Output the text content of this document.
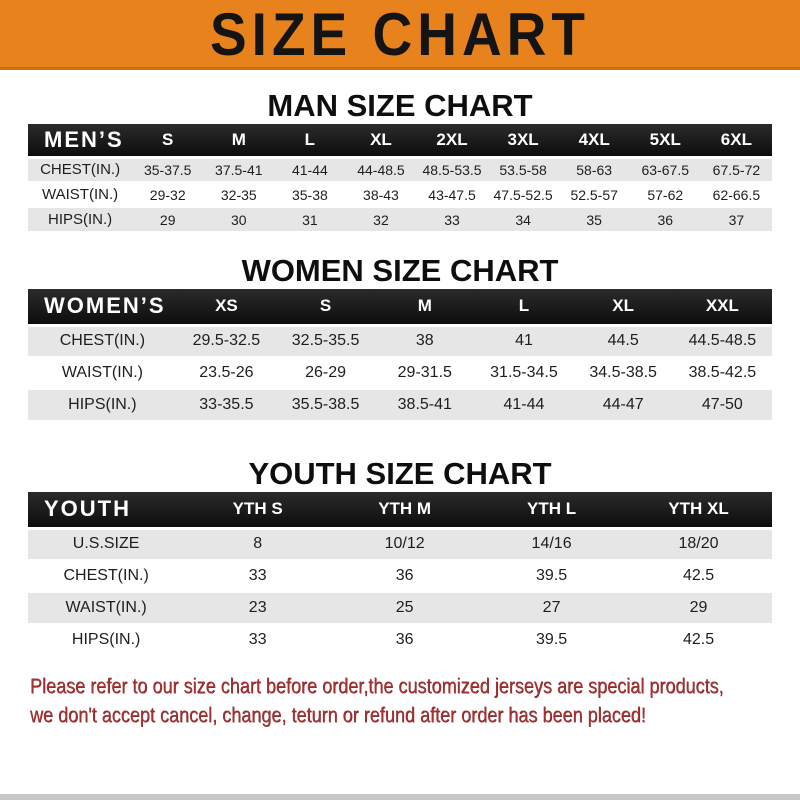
SIZE CHART
MAN SIZE CHART
MEN’S	S	M	L	XL	2XL	3XL	4XL	5XL	6XL
CHEST(IN.)	35-37.5	37.5-41	41-44	44-48.5	48.5-53.5	53.5-58	58-63	63-67.5	67.5-72
WAIST(IN.)	29-32	32-35	35-38	38-43	43-47.5	47.5-52.5	52.5-57	57-62	62-66.5
HIPS(IN.)	29	30	31	32	33	34	35	36	37
WOMEN SIZE CHART
WOMEN’S	XS	S	M	L	XL	XXL
CHEST(IN.)	29.5-32.5	32.5-35.5	38	41	44.5	44.5-48.5
WAIST(IN.)	23.5-26	26-29	29-31.5	31.5-34.5	34.5-38.5	38.5-42.5
HIPS(IN.)	33-35.5	35.5-38.5	38.5-41	41-44	44-47	47-50
YOUTH SIZE CHART
YOUTH	YTH S	YTH M	YTH L	YTH XL
U.S.SIZE	8	10/12	14/16	18/20
CHEST(IN.)	33	36	39.5	42.5
WAIST(IN.)	23	25	27	29
HIPS(IN.)	33	36	39.5	42.5
Please refer to our size chart before order,the customized jerseys are special products,
we don't accept cancel, change, teturn or refund after order has been placed!
